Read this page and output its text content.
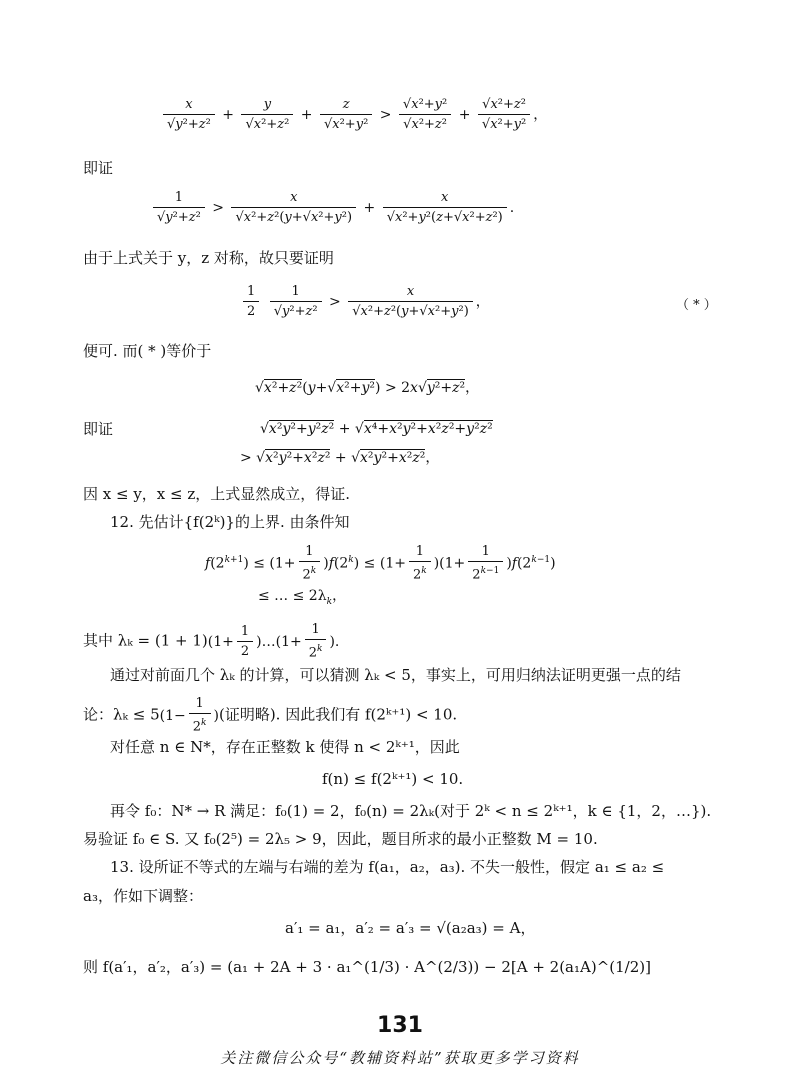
$\frac{x}{\text{√y²+z²}} + \frac{y}{\text{√x²+z²}} + \frac{z}{\text{√x²+y²}} > \frac{\text{√x²+y²}}{\text{√x²+z²}} + \frac{\text{√x²+z²}}{\text{√x²+y²}}$ ，
即证
$\frac{1}{\text{√y²+z²}} > \frac{x}{\text{√x²+z²(y+√x²+y²)}} + \frac{x}{\text{√x²+y²(z+√x²+z²)}}$ .
由于上式关于 y，z 对称，故只要证明
$\frac{1}{2}$
$\frac{1}{\text{√y²+z²}} > \frac{x}{\text{√x²+z²(y+√x²+y²)}}$ ，	（ * ）
便可. 而( * )等价于
√x²+z²(y+√x²+y²) > 2x√y²+z²，
即证	√x²y²+y²z² + √x⁴+x²y²+x²z²+y²z²
> √x²y²+x²z² + √x²y²+x²z²，
因 x ≤ y，x ≤ z，上式显然成立，得证.
12. 先估计{f(2ᵏ)}的上界. 由条件知
$f(2^{k+1}) \le (1+ \frac{1}{2^k} )f(2^k) \le (1+ \frac{1}{2^k} )(1+ \frac{1}{2^{k-1}} )f(2^{k-1})$
≤ … ≤ $2\lambda_k$，
其中 $\lambda_k = (1 + 1)(1+ \frac{1}{2}$ )…(1+ $\frac{1}{2^k}$ ).
通过对前面几个 λₖ 的计算，可以猜测 λₖ < 5，事实上，可用归纳法证明更强一点的结
论：$\lambda_k \le 5(1- \frac{1}{2^k}$ )(证明略). 因此我们有 f(2ᵏ⁺¹) < 10.
对任意 n ∈ N*，存在正整数 k 使得 n < 2ᵏ⁺¹，因此
f(n) ≤ f(2ᵏ⁺¹) < 10.
再令 f₀：N* → R 满足：f₀(1) = 2，f₀(n) = 2λₖ(对于 2ᵏ < n ≤ 2ᵏ⁺¹，k ∈ {1，2，…}).
易验证 f₀ ∈ S. 又 f₀(2⁵) = 2λ₅ > 9，因此，题目所求的最小正整数 M = 10.
13. 设所证不等式的左端与右端的差为 f(a₁，a₂，a₃). 不失一般性，假定 a₁ ≤ a₂ ≤
a₃，作如下调整：
a′₁ = a₁，a′₂ = a′₃ = √(a₂a₃) = A，
则 f(a′₁，a′₂，a′₃) = (a₁ + 2A + 3 · a₁^(1/3) · A^(2/3)) − 2[A + 2(a₁A)^(1/2)]
131
关注微信公众号“教辅资料站”获取更多学习资料
